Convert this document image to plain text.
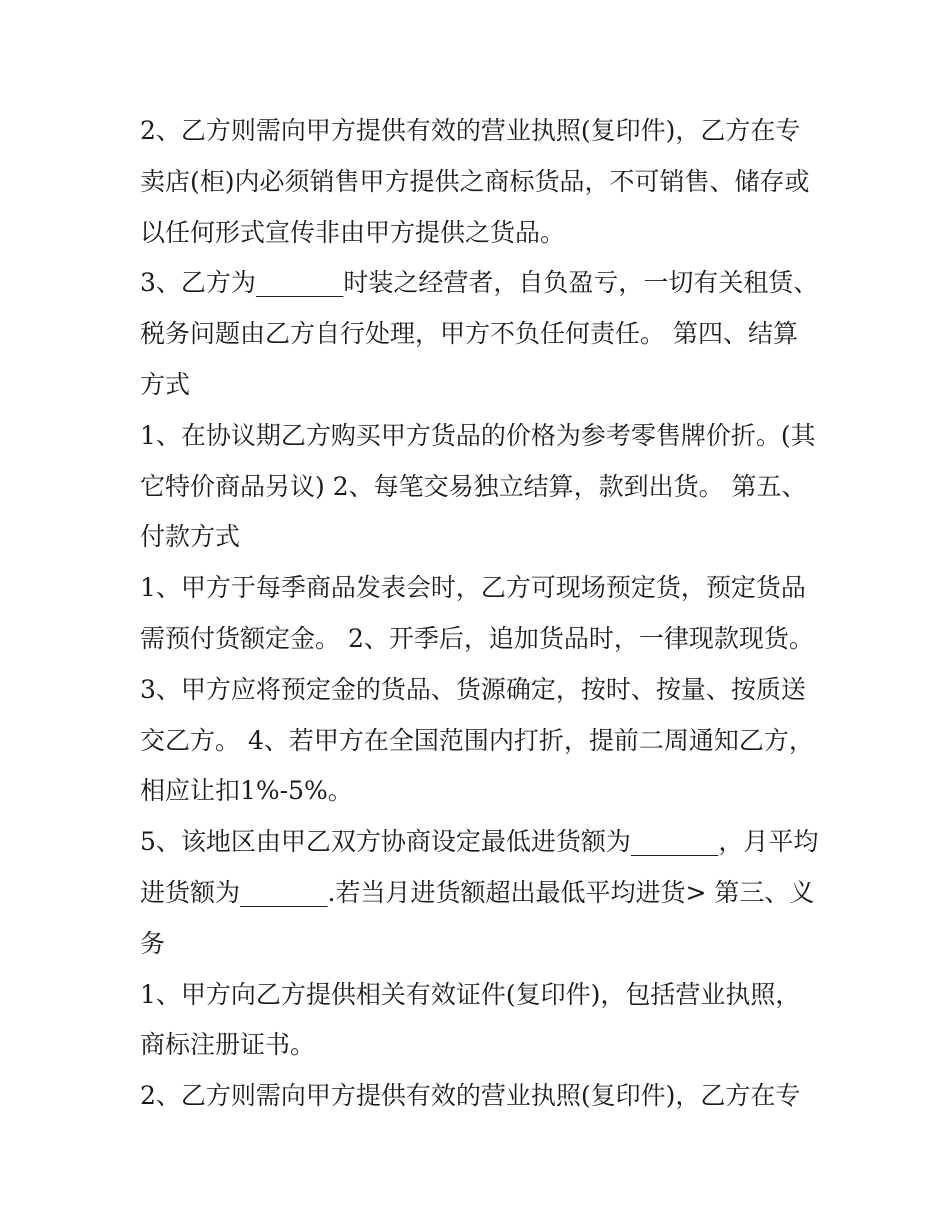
2、乙方则需向甲方提供有效的营业执照(复印件)，乙方在专
卖店(柜)内必须销售甲方提供之商标货品，不可销售、储存或
以任何形式宣传非由甲方提供之货品。
3、乙方为_______时装之经营者，自负盈亏，一切有关租赁、
税务问题由乙方自行处理，甲方不负任何责任。 第四、结算
方式
1、在协议期乙方购买甲方货品的价格为参考零售牌价折。(其
它特价商品另议) 2、每笔交易独立结算，款到出货。 第五、
付款方式
1、甲方于每季商品发表会时，乙方可现场预定货，预定货品
需预付货额定金。 2、开季后，追加货品时，一律现款现货。
3、甲方应将预定金的货品、货源确定，按时、按量、按质送
交乙方。 4、若甲方在全国范围内打折，提前二周通知乙方，
相应让扣1%-5%。
5、该地区由甲乙双方协商设定最低进货额为_______，月平均
进货额为_______.若当月进货额超出最低平均进货> 第三、义
务
1、甲方向乙方提供相关有效证件(复印件)，包括营业执照，
商标注册证书。
2、乙方则需向甲方提供有效的营业执照(复印件)，乙方在专
